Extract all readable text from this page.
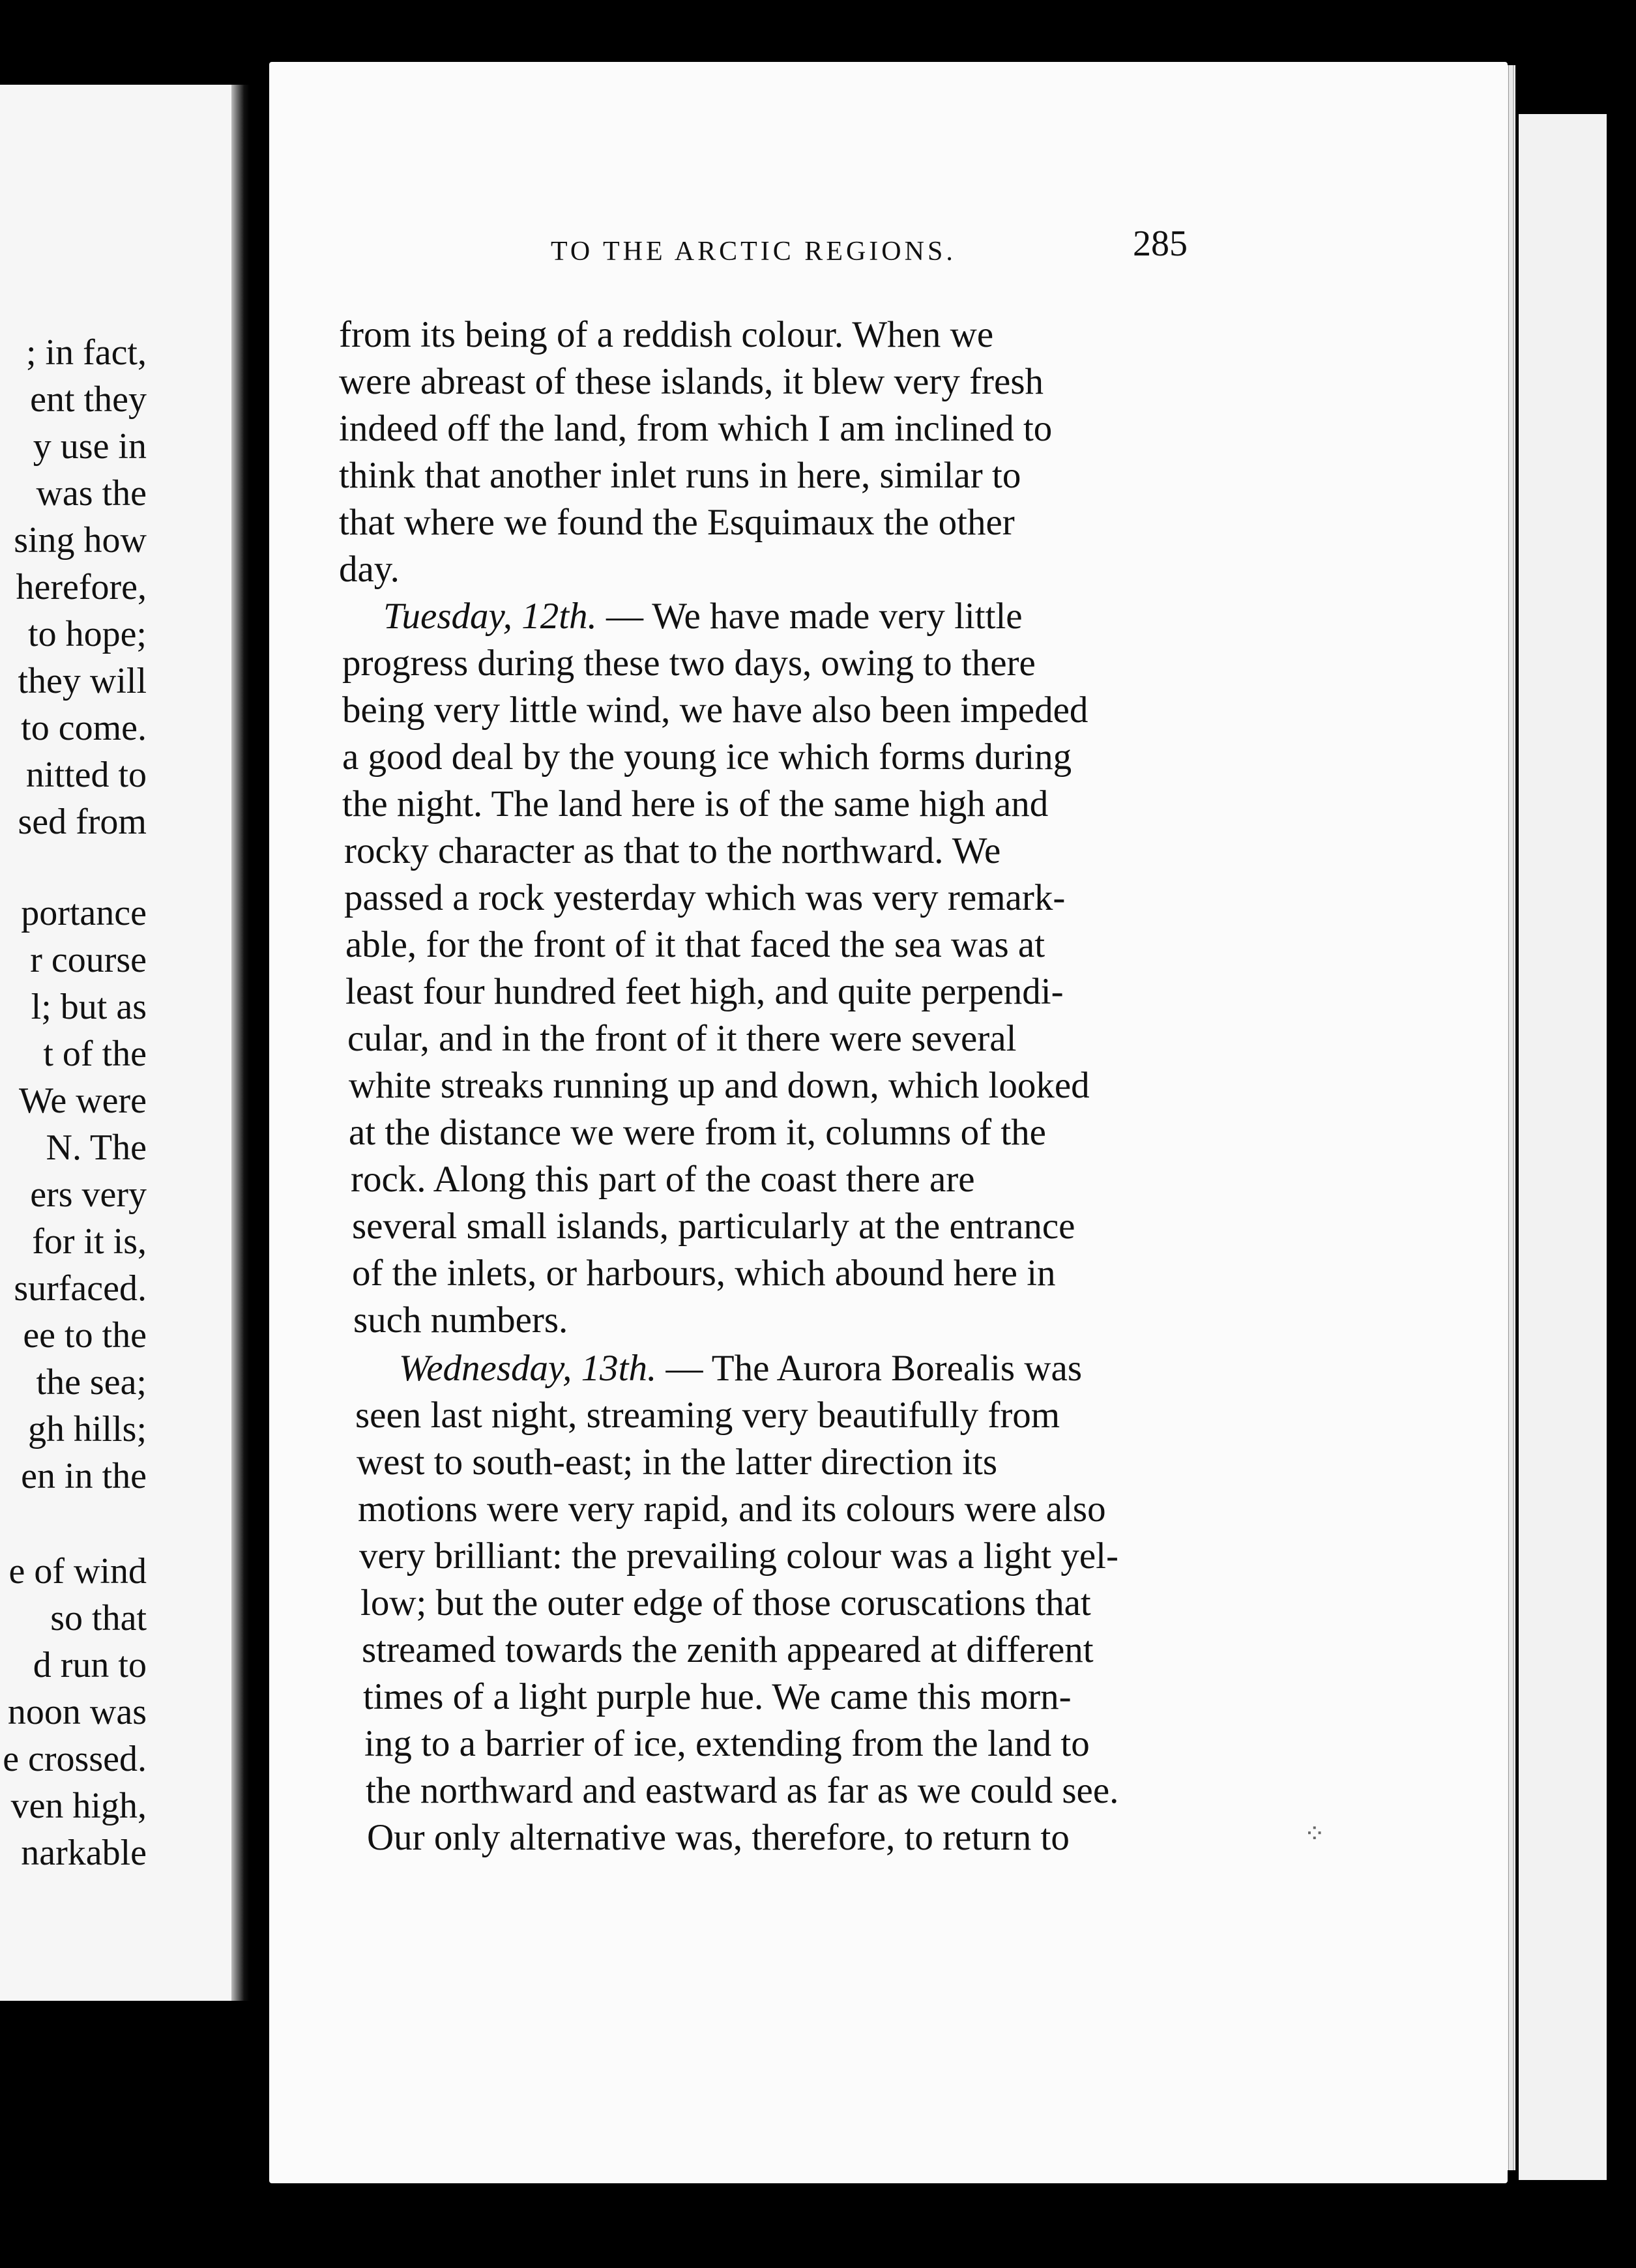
; in fact,
ent they
y use in
was the
sing how
herefore,
to hope;
they will
to come.
nitted to
sed from
portance
r course
l; but as
t of the
We were
N. The
ers very
for it is,
surfaced.
ee to the
the sea;
gh hills;
en in the
e of wind
so that
d run to
noon was
e crossed.
ven high,
narkable
TO THE ARCTIC REGIONS.	285
from its being of a reddish colour. When we
were abreast of these islands, it blew very fresh
indeed off the land, from which I am inclined to
think that another inlet runs in here, similar to
that where we found the Esquimaux the other
day.
Tuesday, 12th. — We have made very little
progress during these two days, owing to there
being very little wind, we have also been impeded
a good deal by the young ice which forms during
the night. The land here is of the same high and
rocky character as that to the northward. We
passed a rock yesterday which was very remark-
able, for the front of it that faced the sea was at
least four hundred feet high, and quite perpendi-
cular, and in the front of it there were several
white streaks running up and down, which looked
at the distance we were from it, columns of the
rock. Along this part of the coast there are
several small islands, particularly at the entrance
of the inlets, or harbours, which abound here in
such numbers.
Wednesday, 13th. — The Aurora Borealis was
seen last night, streaming very beautifully from
west to south-east; in the latter direction its
motions were very rapid, and its colours were also
very brilliant: the prevailing colour was a light yel-
low; but the outer edge of those coruscations that
streamed towards the zenith appeared at different
times of a light purple hue. We came this morn-
ing to a barrier of ice, extending from the land to
the northward and eastward as far as we could see.
Our only alternative was, therefore, to return to	⁘
